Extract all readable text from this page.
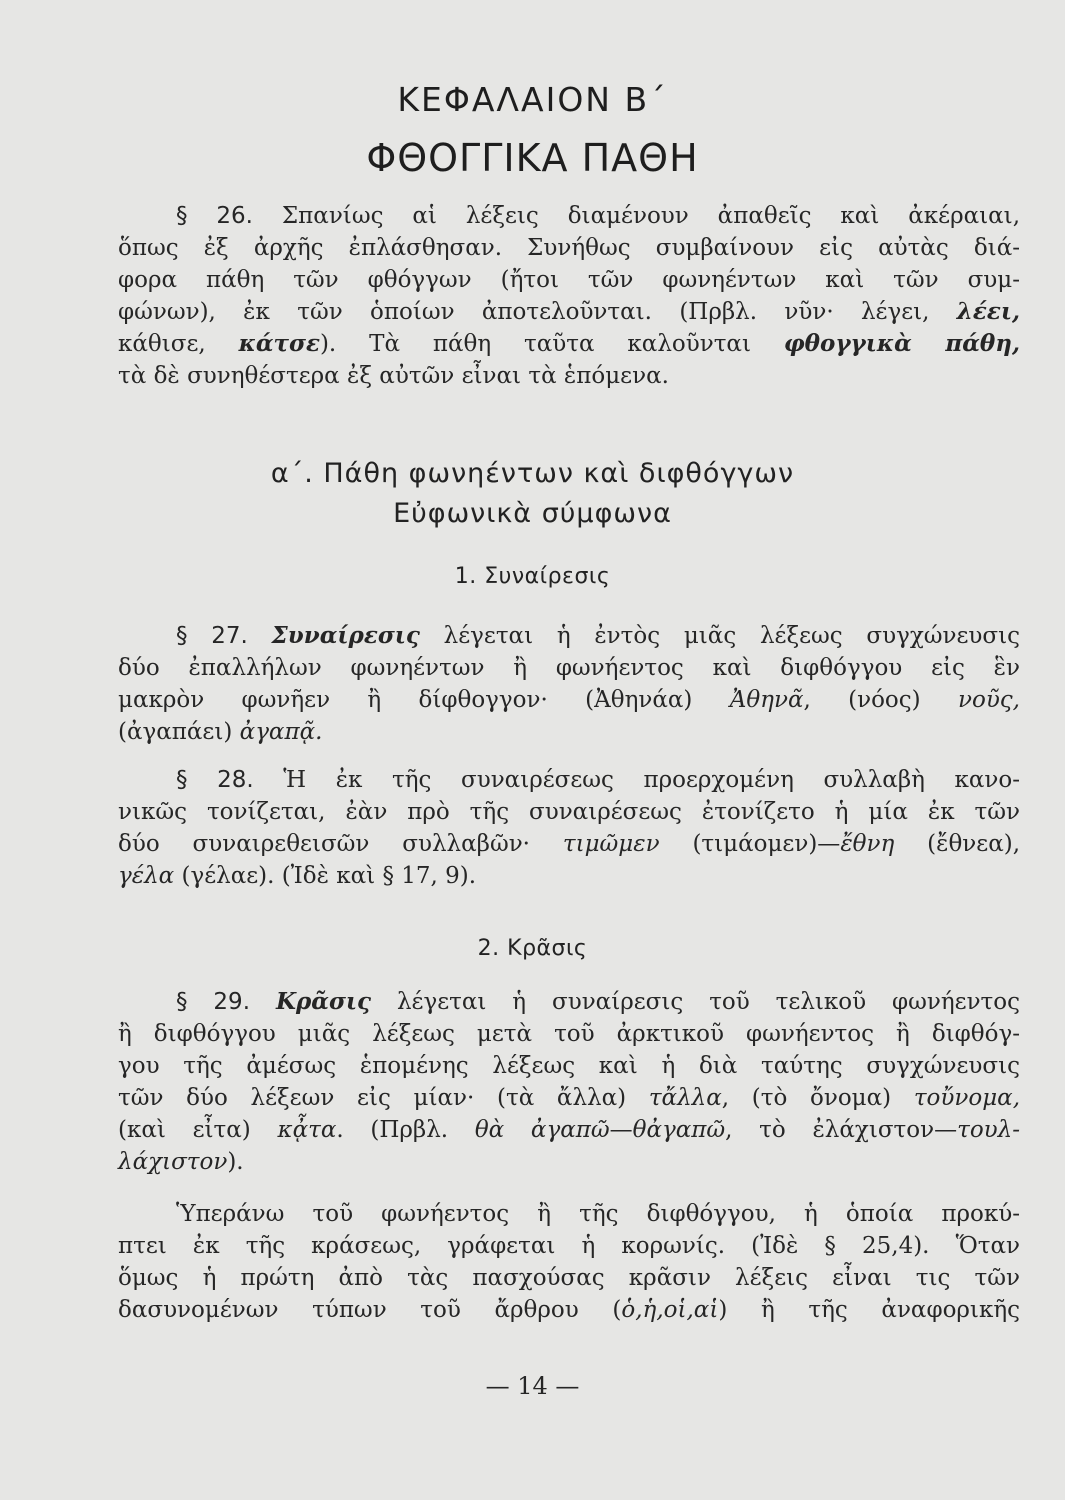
ΚΕΦΑΛΑΙΟΝ Β΄
ΦΘΟΓΓΙΚΑ ΠΑΘΗ
§ 26. Σπανίως αἱ λέξεις διαμένουν ἀπαθεῖς καὶ ἀκέραιαι,
ὅπως ἐξ ἀρχῆς ἐπλάσθησαν. Συνήθως συμβαίνουν εἰς αὐτὰς διά-
φορα πάθη τῶν φθόγγων (ἤτοι τῶν φωνηέντων καὶ τῶν συμ-
φώνων), ἐκ τῶν ὁποίων ἀποτελοῦνται. (Πρβλ. νῦν· λέγει, λέει,
κάθισε, κάτσε). Τὰ πάθη ταῦτα καλοῦνται φθογγικὰ πάθη,
τὰ δὲ συνηθέστερα ἐξ αὐτῶν εἶναι τὰ ἑπόμενα.
α΄. Πάθη φωνηέντων καὶ διφθόγγων
Εὐφωνικὰ σύμφωνα
1. Συναίρεσις
§ 27. Συναίρεσις λέγεται ἡ ἐντὸς μιᾶς λέξεως συγχώνευσις
δύο ἐπαλλήλων φωνηέντων ἢ φωνήεντος καὶ διφθόγγου εἰς ἓν
μακρὸν φωνῆεν ἢ δίφθογγον· (Ἀθηνάα) Ἀθηνᾶ, (νόος) νοῦς,
(ἀγαπάει) ἀγαπᾷ.
§ 28. Ἡ ἐκ τῆς συναιρέσεως προερχομένη συλλαβὴ κανο-
νικῶς τονίζεται, ἐὰν πρὸ τῆς συναιρέσεως ἐτονίζετο ἡ μία ἐκ τῶν
δύο συναιρεθεισῶν συλλαβῶν· τιμῶμεν (τιμάομεν)—ἔθνη (ἔθνεα),
γέλα (γέλαε). (Ἰδὲ καὶ § 17, 9).
2. Κρᾶσις
§ 29. Κρᾶσις λέγεται ἡ συναίρεσις τοῦ τελικοῦ φωνήεντος
ἢ διφθόγγου μιᾶς λέξεως μετὰ τοῦ ἀρκτικοῦ φωνήεντος ἢ διφθόγ-
γου τῆς ἀμέσως ἑπομένης λέξεως καὶ ἡ διὰ ταύτης συγχώνευσις
τῶν δύο λέξεων εἰς μίαν· (τὰ ἄλλα) τἄλλα, (τὸ ὄνομα) τοὔνομα,
(καὶ εἶτα) κᾆτα. (Πρβλ. θὰ ἀγαπῶ—θἀγαπῶ, τὸ ἐλάχιστον—τουλ-
λάχιστον).
Ὑπεράνω τοῦ φωνήεντος ἢ τῆς διφθόγγου, ἡ ὁποία προκύ-
πτει ἐκ τῆς κράσεως, γράφεται ἡ κορωνίς. (Ἰδὲ § 25,4). Ὅταν
ὅμως ἡ πρώτη ἀπὸ τὰς πασχούσας κρᾶσιν λέξεις εἶναι τις τῶν
δασυνομένων τύπων τοῦ ἄρθρου (ὁ,ἡ,οἱ,αἱ) ἢ τῆς ἀναφορικῆς
— 14 —
